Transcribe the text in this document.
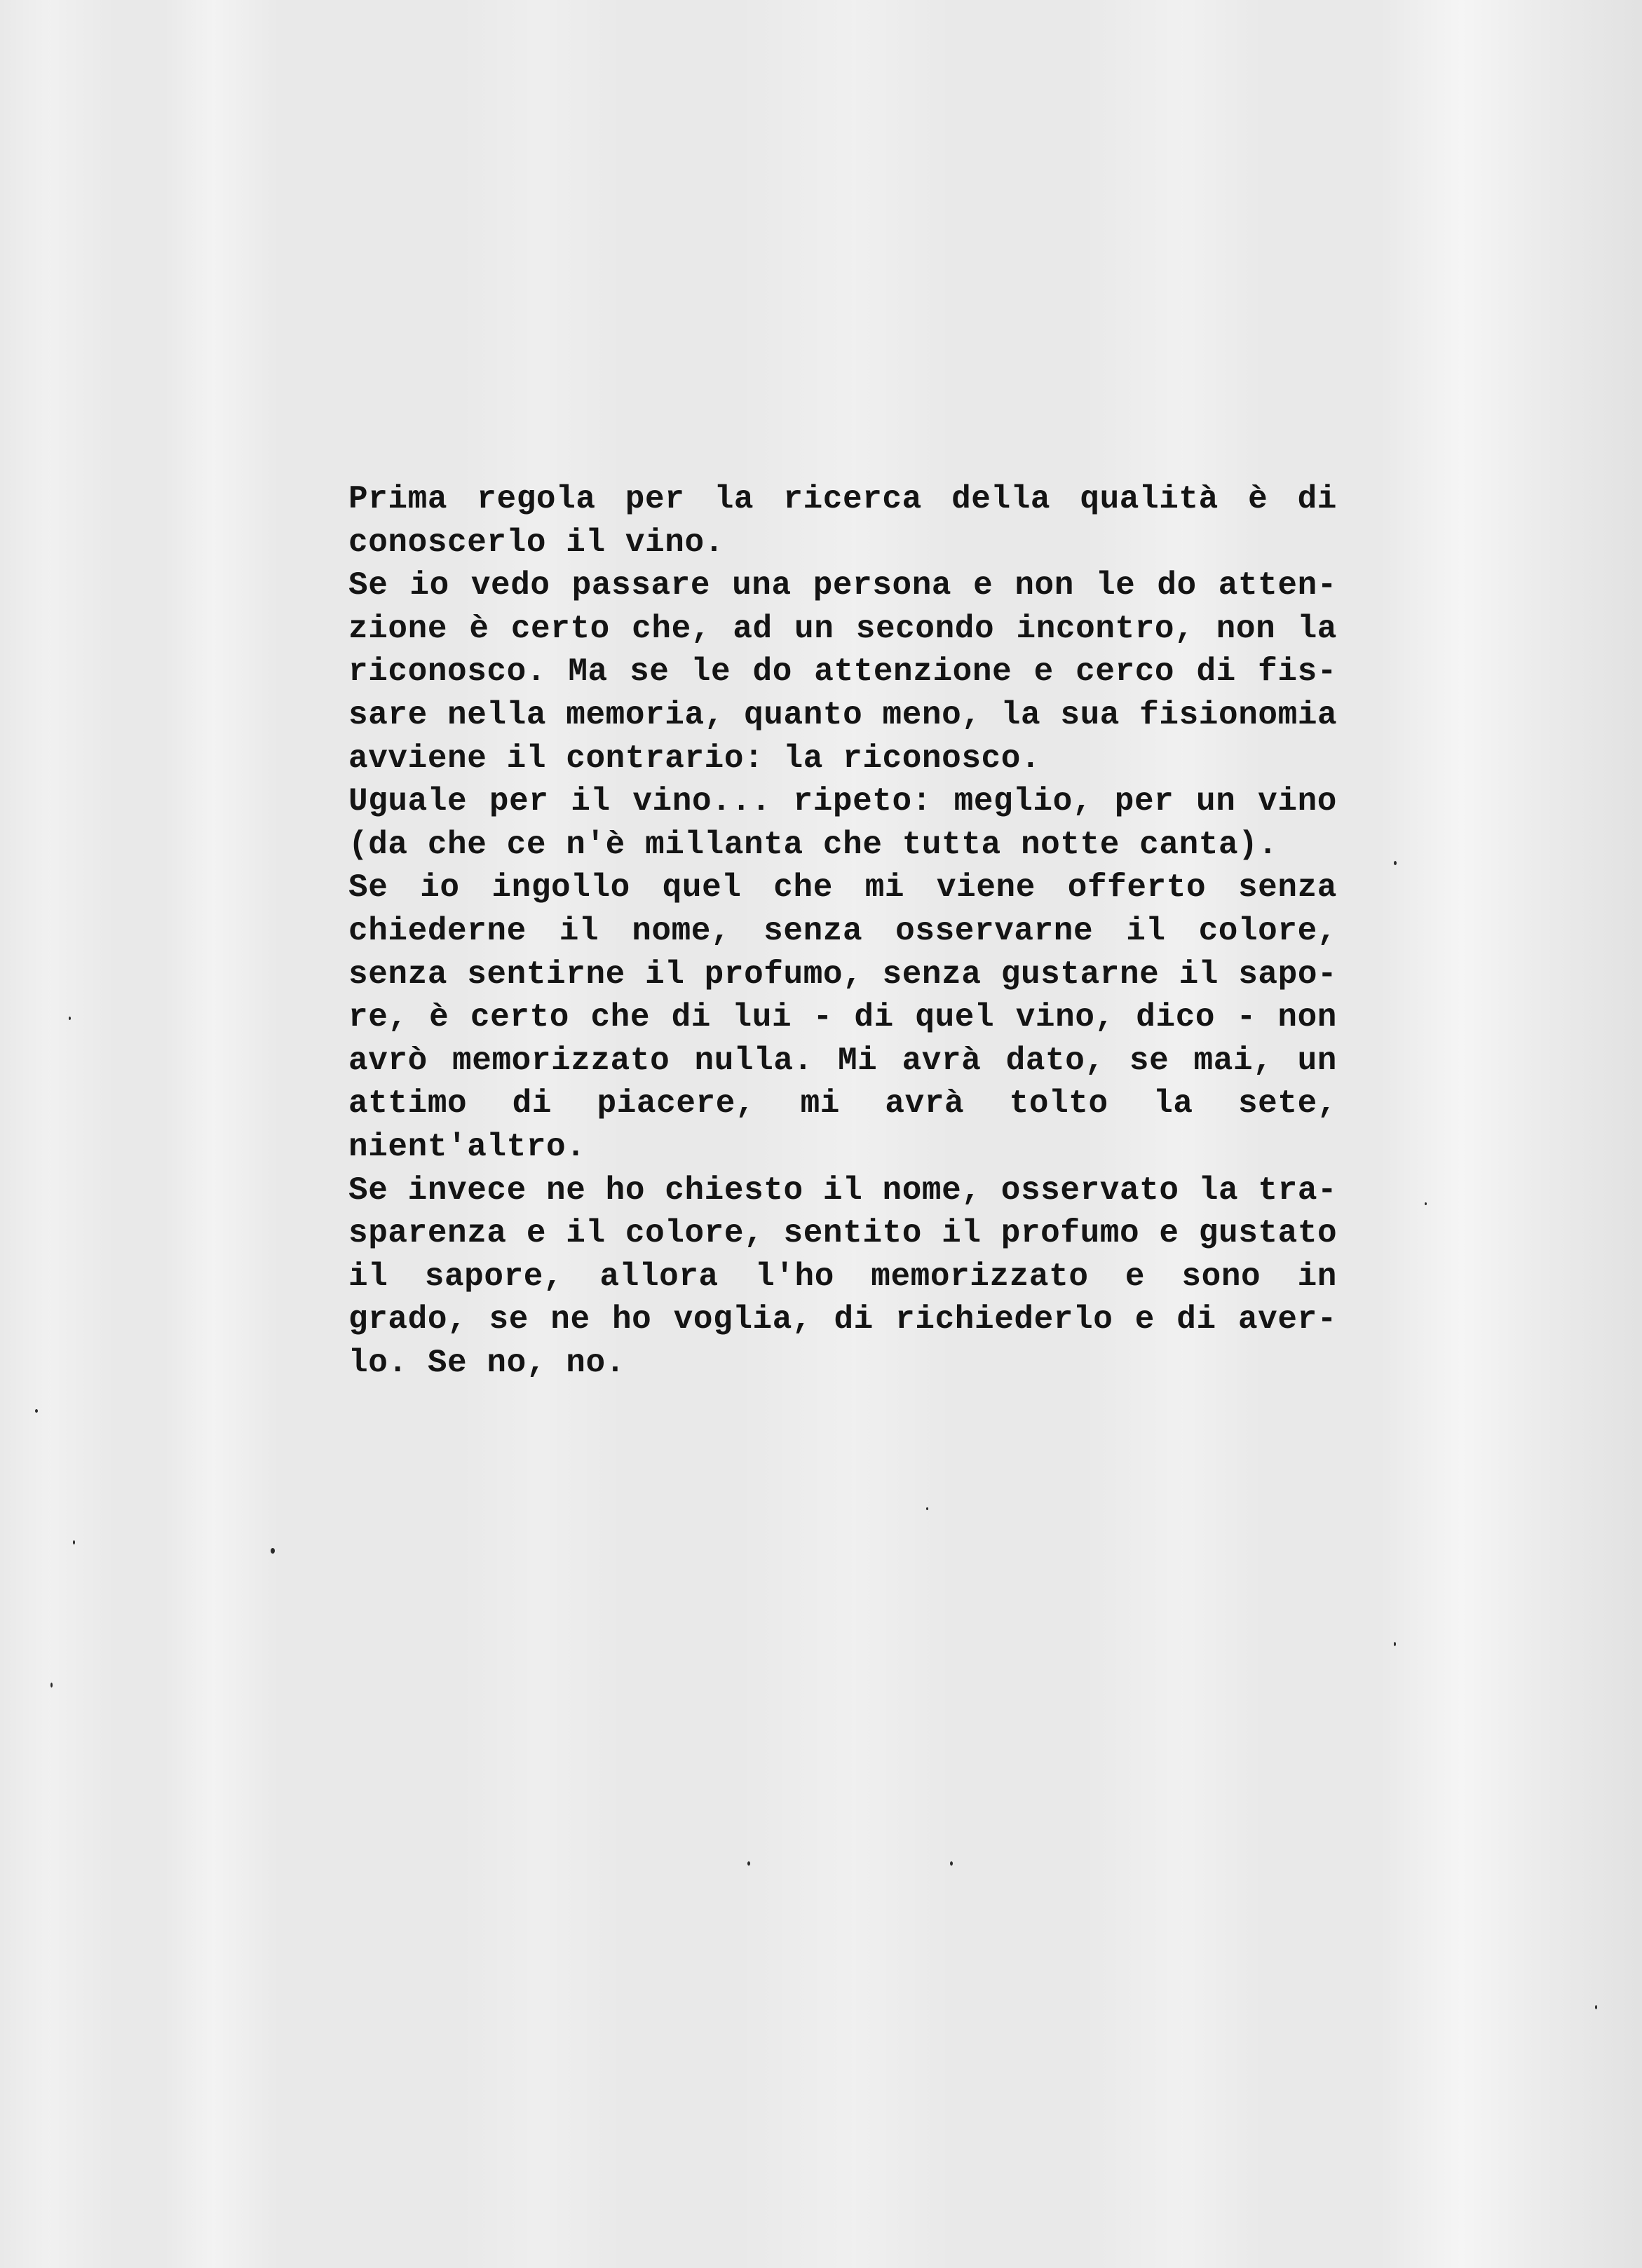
Prima regola per la ricerca della qualità è di
conoscerlo il vino.
Se io vedo passare una persona e non le do atten-
zione è certo che, ad un secondo incontro, non la
riconosco. Ma se le do attenzione e cerco di fis-
sare nella memoria, quanto meno, la sua fisionomia
avviene il contrario: la riconosco.
Uguale per il vino... ripeto: meglio, per un vino
(da che ce n'è millanta che tutta notte canta).
Se io ingollo quel che mi viene offerto senza
chiederne il nome, senza osservarne il colore,
senza sentirne il profumo, senza gustarne il sapo-
re, è certo che di lui - di quel vino, dico - non
avrò memorizzato nulla. Mi avrà dato, se mai, un
attimo di piacere, mi avrà tolto la sete,
nient'altro.
Se invece ne ho chiesto il nome, osservato la tra-
sparenza e il colore, sentito il profumo e gustato
il sapore, allora l'ho memorizzato e sono in
grado, se ne ho voglia, di richiederlo e di aver-
lo. Se no, no.
